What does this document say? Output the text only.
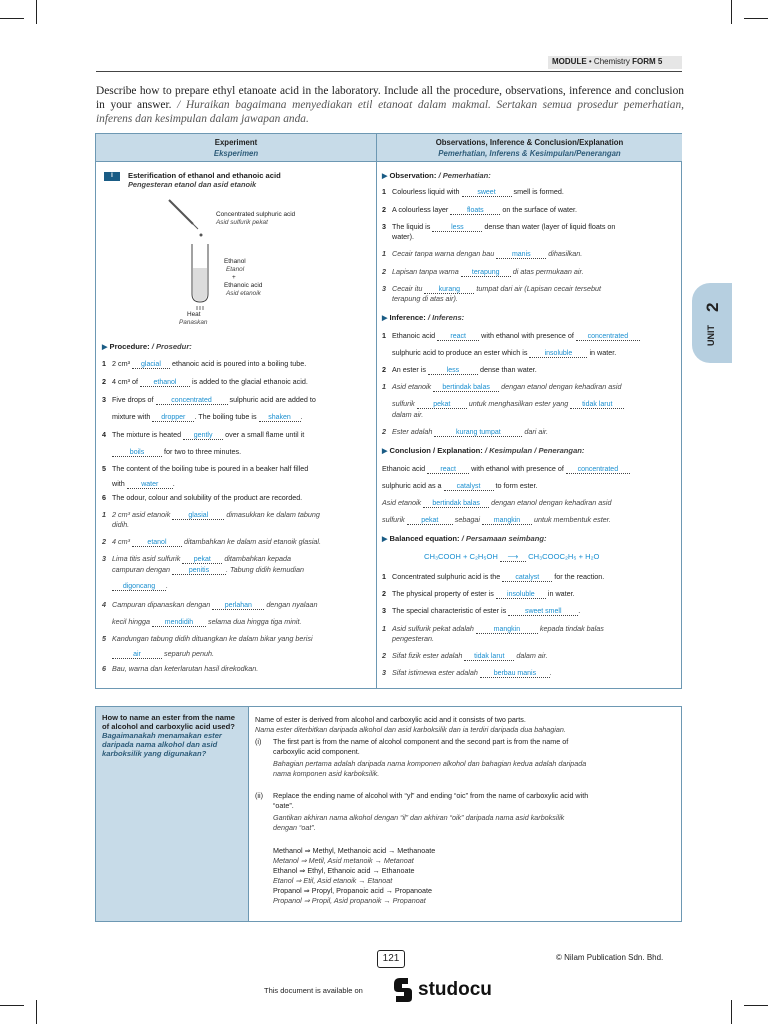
MODULE • Chemistry FORM 5
Describe how to prepare ethyl etanoate acid in the laboratory. Include all the procedure, observations, inference and conclusion in your answer. / Huraikan bagaimana menyediakan etil etanoat dalam makmal. Sertakan semua prosedur pemerhatian, inferens dan kesimpulan dalam jawapan anda.
Experiment
Eksperimen
Observations, Inference & Conclusion/Explanation
Pemerhatian, Inferens & Kesimpulan/Penerangan
I	Esterification of ethanol and ethanoic acid
Pengesteran etanol dan asid etanoik
Concentrated sulphuric acid
Asid sulfurik pekat
Ethanol
Etanol
+
Ethanoic acid
Asid etanoik
Heat
Panaskan
▶ Procedure: / Prosedur:
1 2 cm³ glacial ethanoic acid is poured into a boiling tube.
2 4 cm³ of ethanol is added to the glacial ethanoic acid.
3 Five drops of	concentrated sulphuric acid are added to
mixture with dropper . The boiling tube is shaken .
4 The mixture is heated gently over a small flame until it
boils	for two to three minutes.
5 The content of the boiling tube is poured in a beaker half filled
with water .
6 The odour, colour and solubility of the product are recorded.
1 2 cm³ asid etanoik	glasial	dimasukkan ke dalam tabung
didih.
2 4 cm³ etanol ditambahkan ke dalam asid etanoik glasial.
3 Lima titis asid sulfurik pekat ditambahkan kepada
campuran dengan	penitis . Tabung didih kemudian
digoncang .
4 Campuran dipanaskan dengan perlahan dengan nyalaan
kecil hingga mendidih selama dua hingga tiga minit.
5 Kandungan tabung didih dituangkan ke dalam bikar yang berisi
air	separuh penuh.
6 Bau, warna dan keterlarutan hasil direkodkan.
▶ Observation: / Pemerhatian:
1 Colourless liquid with	sweet smell is formed.
2 A colourless layer	floats	on the surface of water.
3 The liquid is	less	dense than water (layer of liquid floats on
water).
1 Cecair tanpa warna dengan bau	manis dihasilkan.
2 Lapisan tanpa warna terapung di atas permukaan air.
3 Cecair itu kurang tumpat dari air (Lapisan cecair tersebut
terapung di atas air).
▶ Inference: / Inferens:
1 Ethanoic acid react with ethanol with presence of concentrated
sulphuric acid to produce an ester which is insoluble in water.
2 An ester is	less	dense than water.
1 Asid etanoik bertindak balas dengan etanol dengan kehadiran asid
sulfurik	pekat	untuk menghasilkan ester yang tidak larut
dalam air.
2 Ester adalah	kurang tumpat	dari air.
▶ Conclusion / Explanation: / Kesimpulan / Penerangan:
Ethanoic acid react with ethanol with presence of concentrated
sulphuric acid as a catalyst to form ester.
Asid etanoik bertindak balas dengan etanol dengan kehadiran asid
sulfurik pekat sebagai mangkin untuk membentuk ester.
▶ Balanced equation: / Persamaan seimbang:
CH₃COOH + C₂H₅OH ⟶ CH₃COOC₂H₅ + H₂O
1 Concentrated sulphuric acid is the catalyst for the reaction.
2 The physical property of ester is insoluble in water.
3 The special characteristic of ester is	sweet smell .
1 Asid sulfurik pekat adalah	mangkin	kepada tindak balas
pengesteran.
2 Sifat fizik ester adalah tidak larut dalam air.
3 Sifat istimewa ester adalah berbau manis .
UNIT
2
How to name an ester from the name of alcohol and carboxylic acid used?
Bagaimanakah menamakan ester daripada nama alkohol dan asid karboksilik yang digunakan?
Name of ester is derived from alcohol and carboxylic acid and it consists of two parts.
Nama ester diterbitkan daripada alkohol dan asid karboksilik dan ia terdiri daripada dua bahagian.
(i) The first part is from the name of alcohol component and the second part is from the name of
carboxylic acid component.
Bahagian pertama adalah daripada nama komponen alkohol dan bahagian kedua adalah daripada
nama komponen asid karboksilik.
(ii) Replace the ending name of alcohol with “yl” and ending “oic” from the name of carboxylic acid with
“oate”.
Gantikan akhiran nama alkohol dengan “il” dan akhiran “oik” daripada nama asid karboksilik
dengan “oat”.
Methanol ⇒ Methyl, Methanoic acid → Methanoate
Metanol ⇒ Metil, Asid metanoik → Metanoat
Ethanol ⇒ Ethyl, Ethanoic acid → Ethanoate
Etanol ⇒ Etil, Asid etanoik → Etanoat
Propanol ⇒ Propyl, Propanoic acid → Propanoate
Propanol ⇒ Propil, Asid propanoik → Propanoat
121	© Nilam Publication Sdn. Bhd.
This document is available on	studocu
